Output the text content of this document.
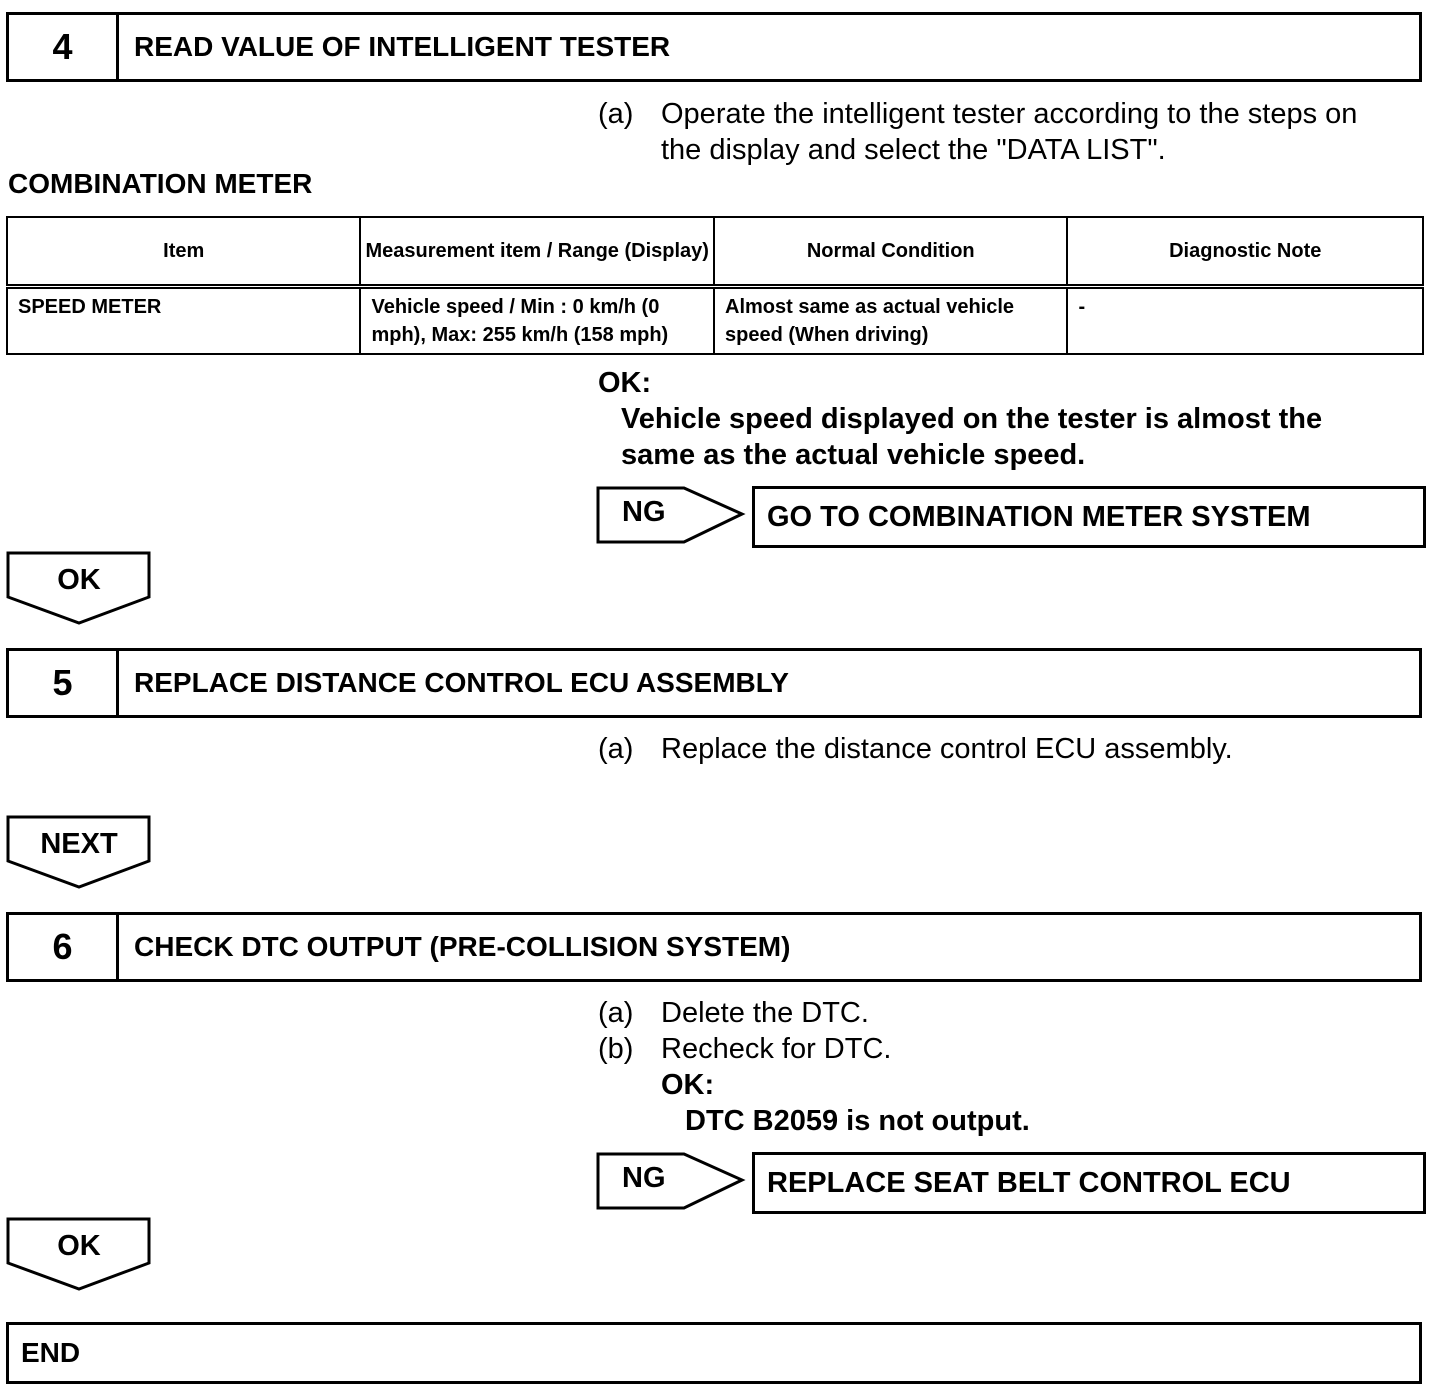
4	READ VALUE OF INTELLIGENT TESTER
(a) Operate the intelligent tester according to the steps on
the display and select the "DATA LIST".
COMBINATION METER
Item	Measurement item / Range (Display)	Normal Condition	Diagnostic Note
SPEED METER	Vehicle speed / Min : 0 km/h (0 mph), Max: 255 km/h (158 mph)	Almost same as actual vehicle speed (When driving)	-
OK:
Vehicle speed displayed on the tester is almost the
same as the actual vehicle speed.
NG	GO TO COMBINATION METER SYSTEM
OK
5	REPLACE DISTANCE CONTROL ECU ASSEMBLY
(a) Replace the distance control ECU assembly.
NEXT
6	CHECK DTC OUTPUT (PRE-COLLISION SYSTEM)
(a) Delete the DTC.
(b) Recheck for DTC.
OK:
DTC B2059 is not output.
NG	REPLACE SEAT BELT CONTROL ECU
OK
END
